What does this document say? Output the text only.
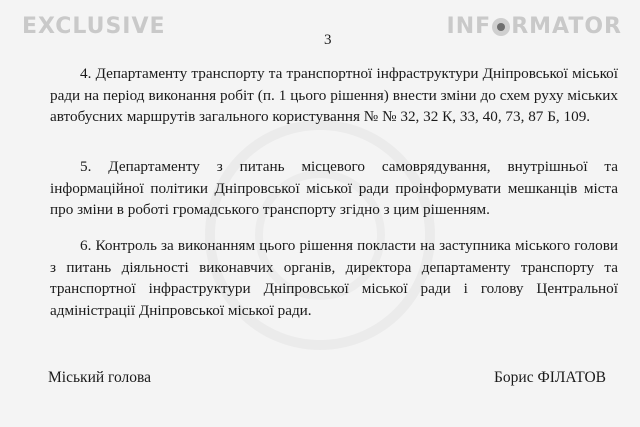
EXCLUSIVE	INF RMATOR
3
4. Департаменту транспорту та транспортної інфраструктури Дніпровської міської ради на період виконання робіт (п. 1 цього рішення) внести зміни до схем руху міських автобусних маршрутів загального користування № № 32, 32 К, 33, 40, 73, 87 Б, 109.
5. Департаменту з питань місцевого самоврядування, внутрішньої та інформаційної політики Дніпровської міської ради проінформувати мешканців міста про зміни в роботі громадського транспорту згідно з цим рішенням.
6. Контроль за виконанням цього рішення покласти на заступника міського голови з питань діяльності виконавчих органів, директора департаменту транспорту та транспортної інфраструктури Дніпровської міської ради і голову Центральної адміністрації Дніпровської міської ради.
Міський голова	Борис ФІЛАТОВ
